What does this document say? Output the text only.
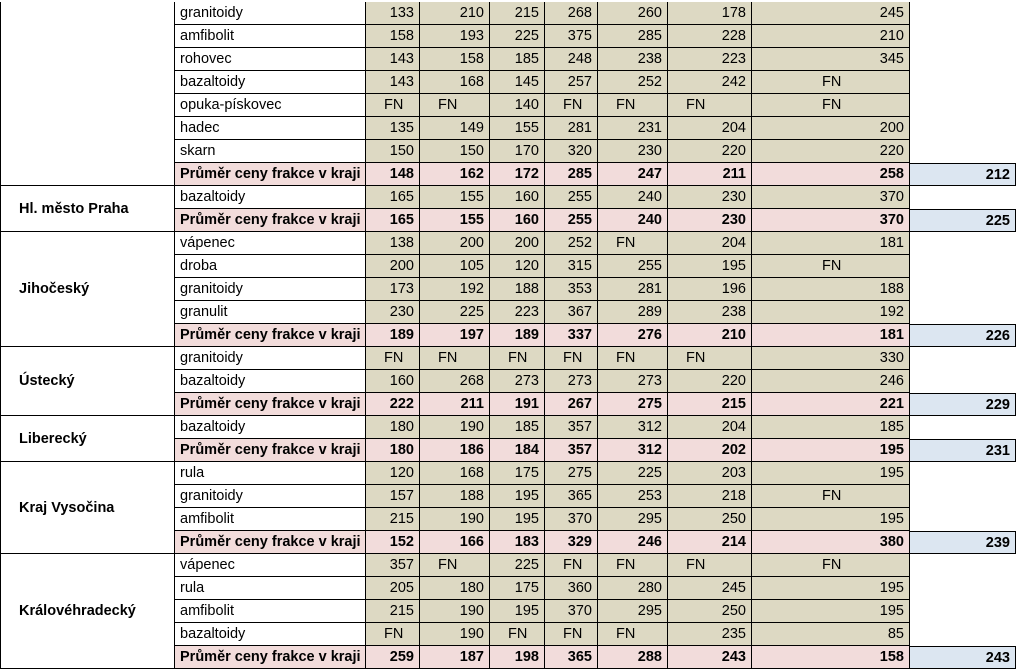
granitoidy	133	210	215	268	260	178	245
amfibolit	158	193	225	375	285	228	210
rohovec	143	158	185	248	238	223	345
bazaltoidy	143	168	145	257	252	242	FN
opuka-pískovec	FN	FN	140	FN	FN	FN	FN
hadec	135	149	155	281	231	204	200
skarn	150	150	170	320	230	220	220
Průměr ceny frakce v kraji	148	162	172	285	247	211	258	212
Hl. město Praha
bazaltoidy	165	155	160	255	240	230	370
Průměr ceny frakce v kraji	165	155	160	255	240	230	370	225
Jihočeský
vápenec	138	200	200	252	FN	204	181
droba	200	105	120	315	255	195	FN
granitoidy	173	192	188	353	281	196	188
granulit	230	225	223	367	289	238	192
Průměr ceny frakce v kraji	189	197	189	337	276	210	181	226
Ústecký
granitoidy	FN	FN	FN	FN	FN	FN	330
bazaltoidy	160	268	273	273	273	220	246
Průměr ceny frakce v kraji	222	211	191	267	275	215	221	229
Liberecký
bazaltoidy	180	190	185	357	312	204	185
Průměr ceny frakce v kraji	180	186	184	357	312	202	195	231
Kraj Vysočina
rula	120	168	175	275	225	203	195
granitoidy	157	188	195	365	253	218	FN
amfibolit	215	190	195	370	295	250	195
Průměr ceny frakce v kraji	152	166	183	329	246	214	380	239
Královéhradecký
vápenec	357	FN	225	FN	FN	FN	FN
rula	205	180	175	360	280	245	195
amfibolit	215	190	195	370	295	250	195
bazaltoidy	FN	190	FN	FN	FN	235	85
Průměr ceny frakce v kraji	259	187	198	365	288	243	158	243
